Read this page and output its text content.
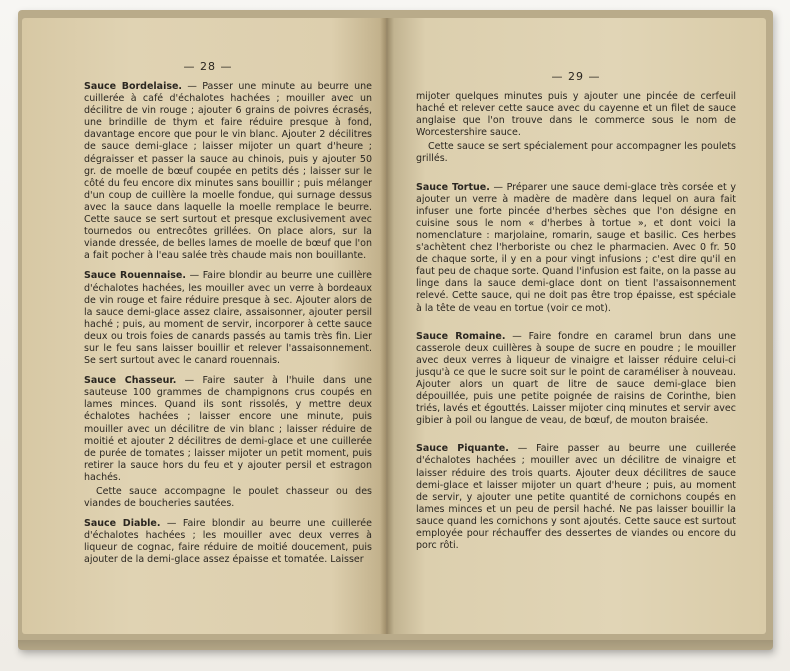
— 28 —

Sauce Bordelaise. — Passer une minute au beurre une cuillerée à café d'échalotes hachées ; mouiller avec un décilitre de vin rouge ; ajouter 6 grains de poivres écrasés, une brindille de thym et faire réduire presque à fond, davantage encore que pour le vin blanc. Ajouter 2 décilitres de sauce demi-glace ; laisser mijoter un quart d'heure ; dégraisser et passer la sauce au chinois, puis y ajouter 50 gr. de moelle de bœuf coupée en petits dés ; laisser sur le côté du feu encore dix minutes sans bouillir ; puis mélanger d'un coup de cuillère la moelle fondue, qui surnage dessus avec la sauce dans laquelle la moelle remplace le beurre. Cette sauce se sert surtout et presque exclusivement avec tournedos ou entrecôtes grillées. On place alors, sur la viande dressée, de belles lames de moelle de bœuf que l'on a fait pocher à l'eau salée très chaude mais non bouillante.

Sauce Rouennaise. — Faire blondir au beurre une cuillère d'échalotes hachées, les mouiller avec un verre à bordeaux de vin rouge et faire réduire presque à sec. Ajouter alors de la sauce demi-glace assez claire, assaisonner, ajouter persil haché ; puis, au moment de servir, incorporer à cette sauce deux ou trois foies de canards passés au tamis très fin. Lier sur le feu sans laisser bouillir et relever l'assaisonnement. Se sert surtout avec le canard rouennais.

Sauce Chasseur. — Faire sauter à l'huile dans une sauteuse 100 grammes de champignons crus coupés en lames minces. Quand ils sont rissolés, y mettre deux échalotes hachées ; laisser encore une minute, puis mouiller avec un décilitre de vin blanc ; laisser réduire de moitié et ajouter 2 décilitres de demi-glace et une cuillerée de purée de tomates ; laisser mijoter un petit moment, puis retirer la sauce hors du feu et y ajouter persil et estragon hachés.

Cette sauce accompagne le poulet chasseur ou des viandes de boucheries sautées.

Sauce Diable. — Faire blondir au beurre une cuillerée d'échalotes hachées ; les mouiller avec deux verres à liqueur de cognac, faire réduire de moitié doucement, puis ajouter de la demi-glace assez épaisse et tomatée. Laisser

— 29 —

mijoter quelques minutes puis y ajouter une pincée de cerfeuil haché et relever cette sauce avec du cayenne et un filet de sauce anglaise que l'on trouve dans le commerce sous le nom de Worcestershire sauce.

Cette sauce se sert spécialement pour accompagner les poulets grillés.

Sauce Tortue. — Préparer une sauce demi-glace très corsée et y ajouter un verre à madère de madère dans lequel on aura fait infuser une forte pincée d'herbes sèches que l'on désigne en cuisine sous le nom « d'herbes à tortue », et dont voici la nomenclature : marjolaine, romarin, sauge et basilic. Ces herbes s'achètent chez l'herboriste ou chez le pharmacien. Avec 0 fr. 50 de chaque sorte, il y en a pour vingt infusions ; c'est dire qu'il en faut peu de chaque sorte. Quand l'infusion est faite, on la passe au linge dans la sauce demi-glace dont on tient l'assaisonnement relevé. Cette sauce, qui ne doit pas être trop épaisse, est spéciale à la tête de veau en tortue (voir ce mot).

Sauce Romaine. — Faire fondre en caramel brun dans une casserole deux cuillères à soupe de sucre en poudre ; le mouiller avec deux verres à liqueur de vinaigre et laisser réduire celui-ci jusqu'à ce que le sucre soit sur le point de caraméliser à nouveau. Ajouter alors un quart de litre de sauce demi-glace bien dépouillée, puis une petite poignée de raisins de Corinthe, bien triés, lavés et égouttés. Laisser mijoter cinq minutes et servir avec gibier à poil ou langue de veau, de bœuf, de mouton braisée.

Sauce Piquante. — Faire passer au beurre une cuillerée d'échalotes hachées ; mouiller avec un décilitre de vinaigre et laisser réduire des trois quarts. Ajouter deux décilitres de sauce demi-glace et laisser mijoter un quart d'heure ; puis, au moment de servir, y ajouter une petite quantité de cornichons coupés en lames minces et un peu de persil haché. Ne pas laisser bouillir la sauce quand les cornichons y sont ajoutés. Cette sauce est surtout employée pour réchauffer des dessertes de viandes ou encore du porc rôti.
